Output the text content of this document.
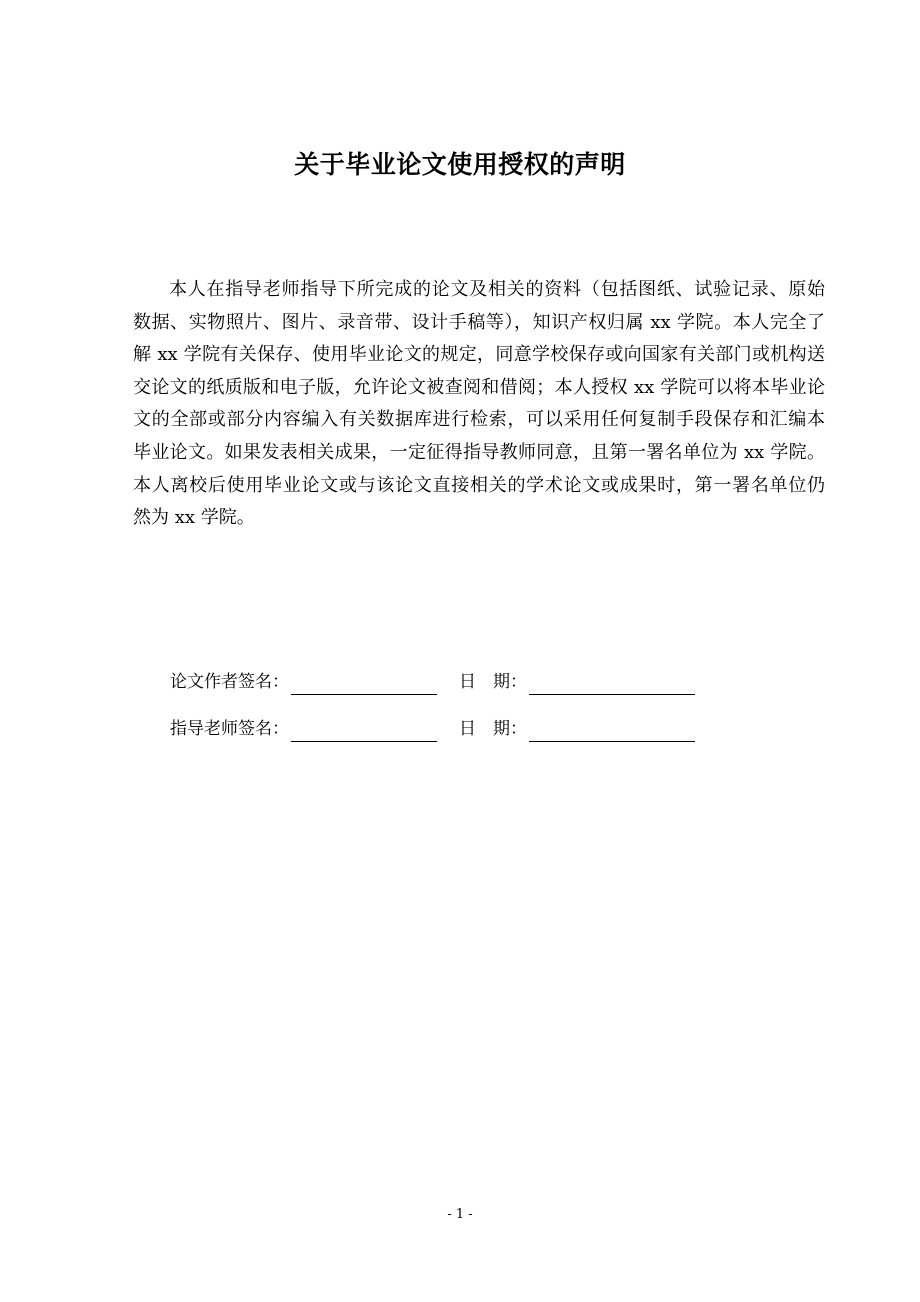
关于毕业论文使用授权的声明
本人在指导老师指导下所完成的论文及相关的资料（包括图纸、试验记录、原始
数据、实物照片、图片、录音带、设计手稿等），知识产权归属 xx 学院。本人完全了
解 xx 学院有关保存、使用毕业论文的规定，同意学校保存或向国家有关部门或机构送
交论文的纸质版和电子版，允许论文被查阅和借阅；本人授权 xx 学院可以将本毕业论
文的全部或部分内容编入有关数据库进行检索，可以采用任何复制手段保存和汇编本
毕业论文。如果发表相关成果，一定征得指导教师同意，且第一署名单位为 xx 学院。
本人离校后使用毕业论文或与该论文直接相关的学术论文或成果时，第一署名单位仍
然为 xx 学院。
论文作者签名：	日　期：
指导老师签名：	日　期：
- 1 -
